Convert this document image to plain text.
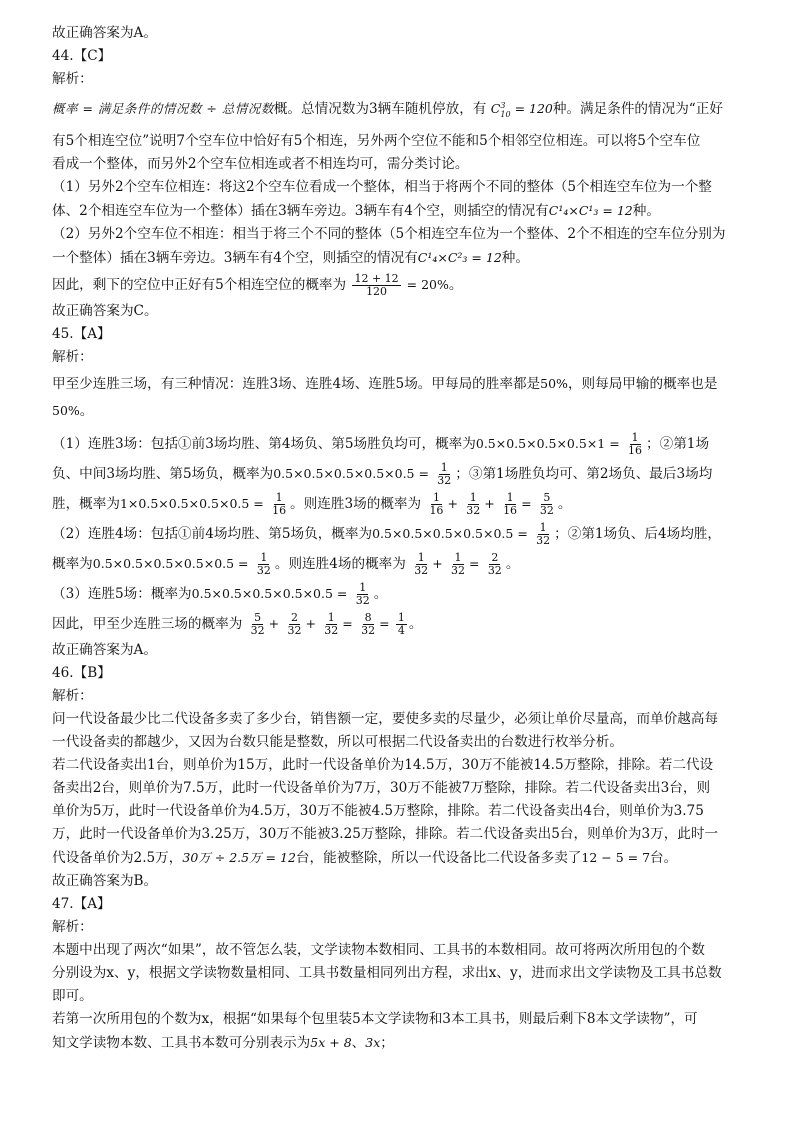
故正确答案为A。
44.【C】
解析：
概率 = 满足条件的情况数 ÷ 总情况数概。总情况数为3辆车随机停放，有 $C^3_{10} = 120$种。满足条件的情况为“正好
有5个相连空位”说明7个空车位中恰好有5个相连，另外两个空位不能和5个相邻空位相连。可以将5个空车位
看成一个整体，而另外2个空车位相连或者不相连均可，需分类讨论。
（1）另外2个空车位相连：将这2个空车位看成一个整体，相当于将两个不同的整体（5个相连空车位为一个整
体、2个相连空车位为一个整体）插在3辆车旁边。3辆车有4个空，则插空的情况有C¹₄×C¹₃ = 12种。
（2）另外2个空车位不相连：相当于将三个不同的整体（5个相连空车位为一个整体、2个不相连的空车位分别为
一个整体）插在3辆车旁边。3辆车有4个空，则插空的情况有C¹₄×C²₃ = 12种。
因此，剩下的空位中正好有5个相连空位的概率为 $\frac{12 + 12}{120} = 20\%$。
故正确答案为C。
45.【A】
解析：
甲至少连胜三场，有三种情况：连胜3场、连胜4场、连胜5场。甲每局的胜率都是50%，则每局甲输的概率也是
50%。
（1）连胜3场：包括①前3场均胜、第4场负、第5场胜负均可，概率为$0.5\times 0.5\times 0.5\times 0.5\times 1 = \frac{1}{16}$ ；②第1场
负、中间3场均胜、第5场负，概率为$0.5\times 0.5\times 0.5\times 0.5\times 0.5 = \frac{1}{32}$ ；③第1场胜负均可、第2场负、最后3场均
胜，概率为$1\times 0.5\times 0.5\times 0.5\times 0.5 = \frac{1}{16}$ 。则连胜3场的概率为 $\frac{1}{16} + \frac{1}{32} + \frac{1}{16} = \frac{5}{32}$ 。
（2）连胜4场：包括①前4场均胜、第5场负，概率为$0.5\times 0.5\times 0.5\times 0.5\times 0.5 = \frac{1}{32}$ ；②第1场负、后4场均胜，
概率为$0.5\times 0.5\times 0.5\times 0.5\times 0.5 = \frac{1}{32}$ 。则连胜4场的概率为 $\frac{1}{32} + \frac{1}{32} = \frac{2}{32}$ 。
（3）连胜5场：概率为$0.5\times 0.5\times 0.5\times 0.5\times 0.5 = \frac{1}{32}$ 。
因此，甲至少连胜三场的概率为 $\frac{5}{32} + \frac{2}{32} + \frac{1}{32} = \frac{8}{32} = \frac{1}{4}$ 。
故正确答案为A。
46.【B】
解析：
问一代设备最少比二代设备多卖了多少台，销售额一定，要使多卖的尽量少，必须让单价尽量高，而单价越高每
一代设备卖的都越少，又因为台数只能是整数，所以可根据二代设备卖出的台数进行枚举分析。
若二代设备卖出1台，则单价为15万，此时一代设备单价为14.5万，30万不能被14.5万整除，排除。若二代设
备卖出2台，则单价为7.5万，此时一代设备单价为7万，30万不能被7万整除，排除。若二代设备卖出3台，则
单价为5万，此时一代设备单价为4.5万，30万不能被4.5万整除，排除。若二代设备卖出4台，则单价为3.75
万，此时一代设备单价为3.25万，30万不能被3.25万整除，排除。若二代设备卖出5台，则单价为3万，此时一
代设备单价为2.5万，30万 ÷ 2.5万 = 12台，能被整除，所以一代设备比二代设备多卖了12 − 5 = 7台。
故正确答案为B。
47.【A】
解析：
本题中出现了两次“如果”，故不管怎么装，文学读物本数相同、工具书的本数相同。故可将两次所用包的个数
分别设为x、y，根据文学读物数量相同、工具书数量相同列出方程，求出x、y，进而求出文学读物及工具书总数
即可。
若第一次所用包的个数为x，根据“如果每个包里装5本文学读物和3本工具书，则最后剩下8本文学读物”，可
知文学读物本数、工具书本数可分别表示为5x + 8、3x；
